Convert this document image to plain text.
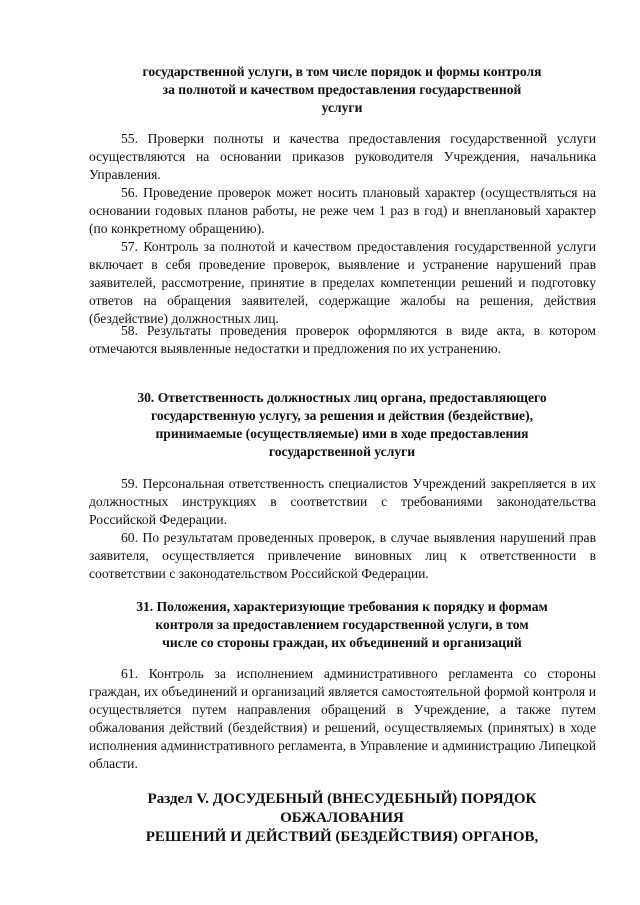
государственной услуги, в том числе порядок и формы контроля
за полнотой и качеством предоставления государственной
услуги

55. Проверки полноты и качества предоставления государственной услуги осуществляются на основании приказов руководителя Учреждения, начальника Управления.

56. Проведение проверок может носить плановый характер (осуществляться на основании годовых планов работы, не реже чем 1 раз в год) и внеплановый характер (по конкретному обращению).

57. Контроль за полнотой и качеством предоставления государственной услуги включает в себя проведение проверок, выявление и устранение нарушений прав заявителей, рассмотрение, принятие в пределах компетенции решений и подготовку ответов на обращения заявителей, содержащие жалобы на решения, действия (бездействие) должностных лиц.

58. Результаты проведения проверок оформляются в виде акта, в котором отмечаются выявленные недостатки и предложения по их устранению.

30. Ответственность должностных лиц органа, предоставляющего
государственную услугу, за решения и действия (бездействие),
принимаемые (осуществляемые) ими в ходе предоставления
государственной услуги

59. Персональная ответственность специалистов Учреждений закрепляется в их должностных инструкциях в соответствии с требованиями законодательства Российской Федерации.

60. По результатам проведенных проверок, в случае выявления нарушений прав заявителя, осуществляется привлечение виновных лиц к ответственности в соответствии с законодательством Российской Федерации.

31. Положения, характеризующие требования к порядку и формам
контроля за предоставлением государственной услуги, в том
числе со стороны граждан, их объединений и организаций

61. Контроль за исполнением административного регламента со стороны граждан, их объединений и организаций является самостоятельной формой контроля и осуществляется путем направления обращений в Учреждение, а также путем обжалования действий (бездействия) и решений, осуществляемых (принятых) в ходе исполнения административного регламента, в Управление и администрацию Липецкой области.

Раздел V. ДОСУДЕБНЫЙ (ВНЕСУДЕБНЫЙ) ПОРЯДОК
ОБЖАЛОВАНИЯ
РЕШЕНИЙ И ДЕЙСТВИЙ (БЕЗДЕЙСТВИЯ) ОРГАНОВ,
